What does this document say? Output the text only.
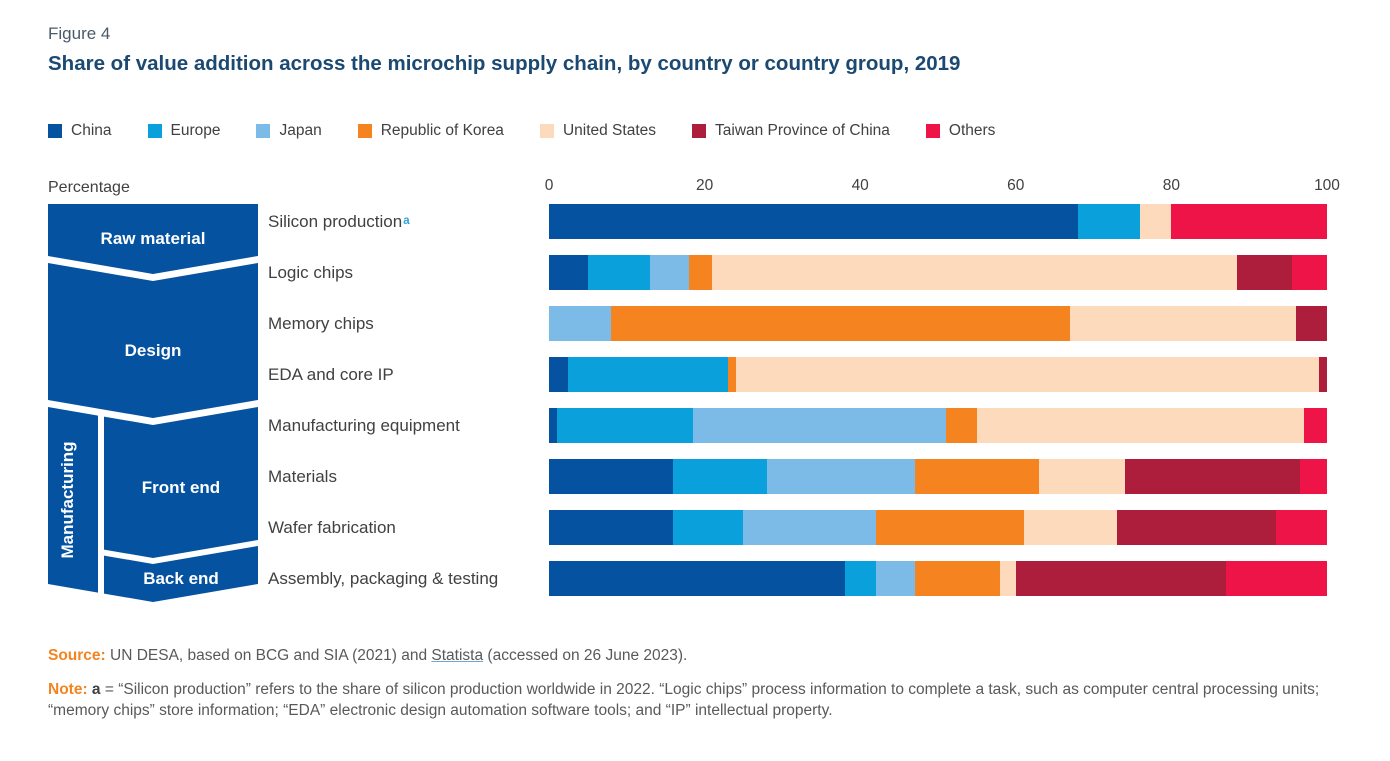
Figure 4
Share of value addition across the microchip supply chain, by country or country group, 2019
China	Europe	Japan	Republic of Korea	United States	Taiwan Province of China	Others
Percentage	0	20	40	60	80	100
Raw material
Design
Manufacturing	Front end
Back end
Silicon production a
Logic chips
Memory chips
EDA and core IP
Manufacturing equipment
Materials
Wafer fabrication
Assembly, packaging & testing

Source: UN DESA, based on BCG and SIA (2021) and Statista (accessed on 26 June 2023).

Note: a = “Silicon production” refers to the share of silicon production worldwide in 2022. “Logic chips” process information to complete a task, such as computer central processing units; “memory chips” store information; “EDA” electronic design automation software tools; and “IP” intellectual property.
